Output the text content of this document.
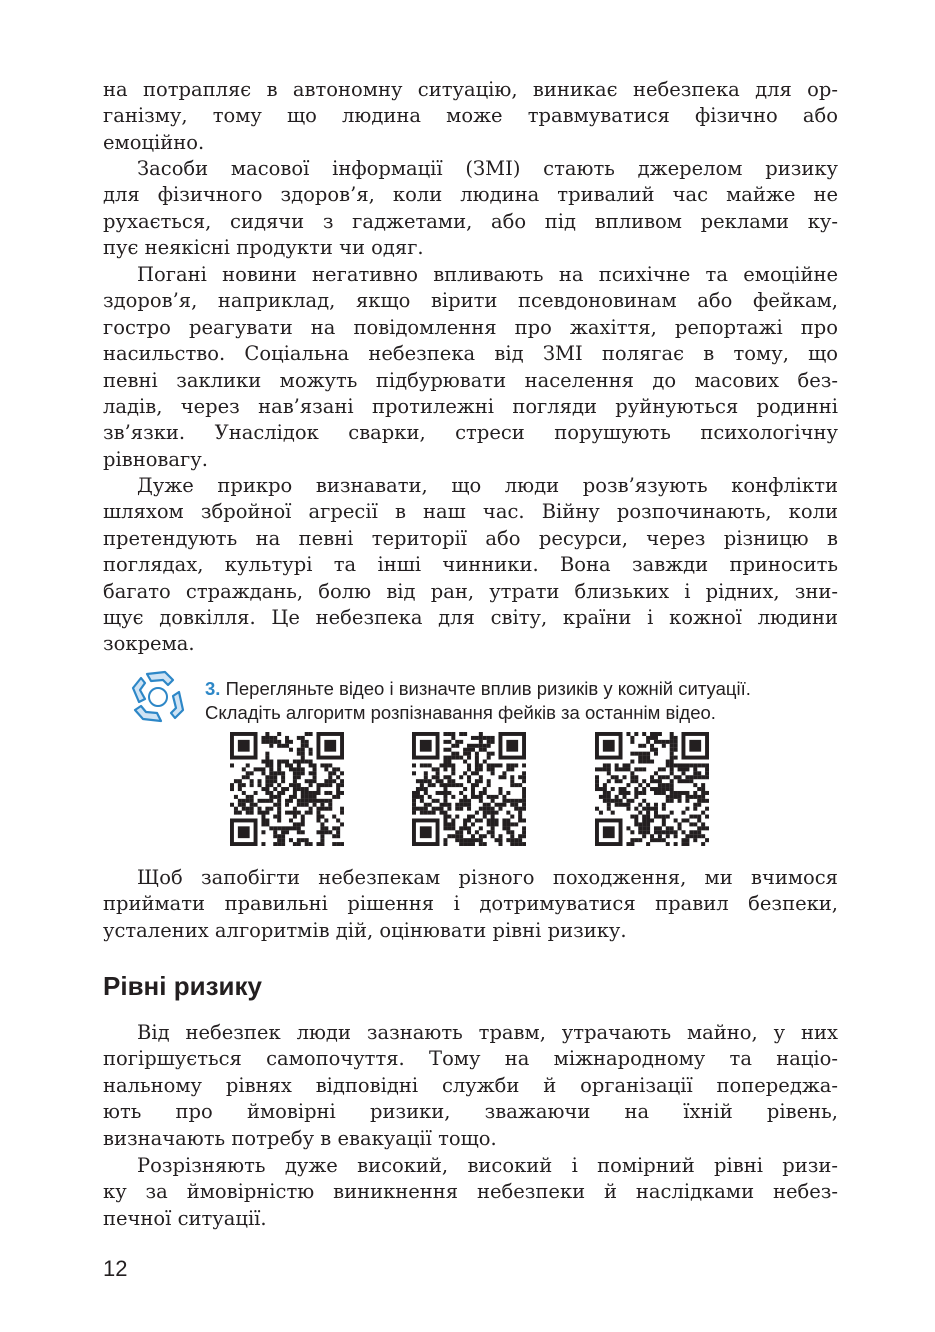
на потрапляє в автономну ситуацію, виникає небезпека для ор-
ганізму, тому що людина може травмуватися фізично або
емоційно.
Засоби масової інформації (ЗМІ) стають джерелом ризику
для фізичного здоров’я, коли людина тривалий час майже не
рухається, сидячи з гаджетами, або під впливом реклами ку-
пує неякісні продукти чи одяг.
Погані новини негативно впливають на психічне та емоційне
здоров’я, наприклад, якщо вірити псевдоновинам або фейкам,
гостро реагувати на повідомлення про жахіття, репортажі про
насильство. Соціальна небезпека від ЗМІ полягає в тому, що
певні заклики можуть підбурювати населення до масових без-
ладів, через нав’язані протилежні погляди руйнуються родинні
зв’язки. Унаслідок сварки, стреси порушують психологічну
рівновагу.
Дуже прикро визнавати, що люди розв’язують конфлікти
шляхом збройної агресії в наш час. Війну розпочинають, коли
претендують на певні території або ресурси, через різницю в
поглядах, культурі та інші чинники. Вона завжди приносить
багато страждань, болю від ран, утрати близьких і рідних, зни-
щує довкілля. Це небезпека для світу, країни і кожної людини
зокрема.
3. Перегляньте відео і визначте вплив ризиків у кожній ситуації.
Складіть алгоритм розпізнавання фейків за останнім відео.
Щоб запобігти небезпекам різного походження, ми вчимося
приймати правильні рішення і дотримуватися правил безпеки,
усталених алгоритмів дій, оцінювати рівні ризику.
Рівні ризику
Від небезпек люди зазнають травм, утрачають майно, у них
погіршується самопочуття. Тому на міжнародному та націо-
нальному рівнях відповідні служби й організації попереджа-
ють про ймовірні ризики, зважаючи на їхній рівень,
визначають потребу в евакуації тощо.
Розрізняють дуже високий, високий і помірний рівні ризи-
ку за ймовірністю виникнення небезпеки й наслідками небез-
печної ситуації.
12
